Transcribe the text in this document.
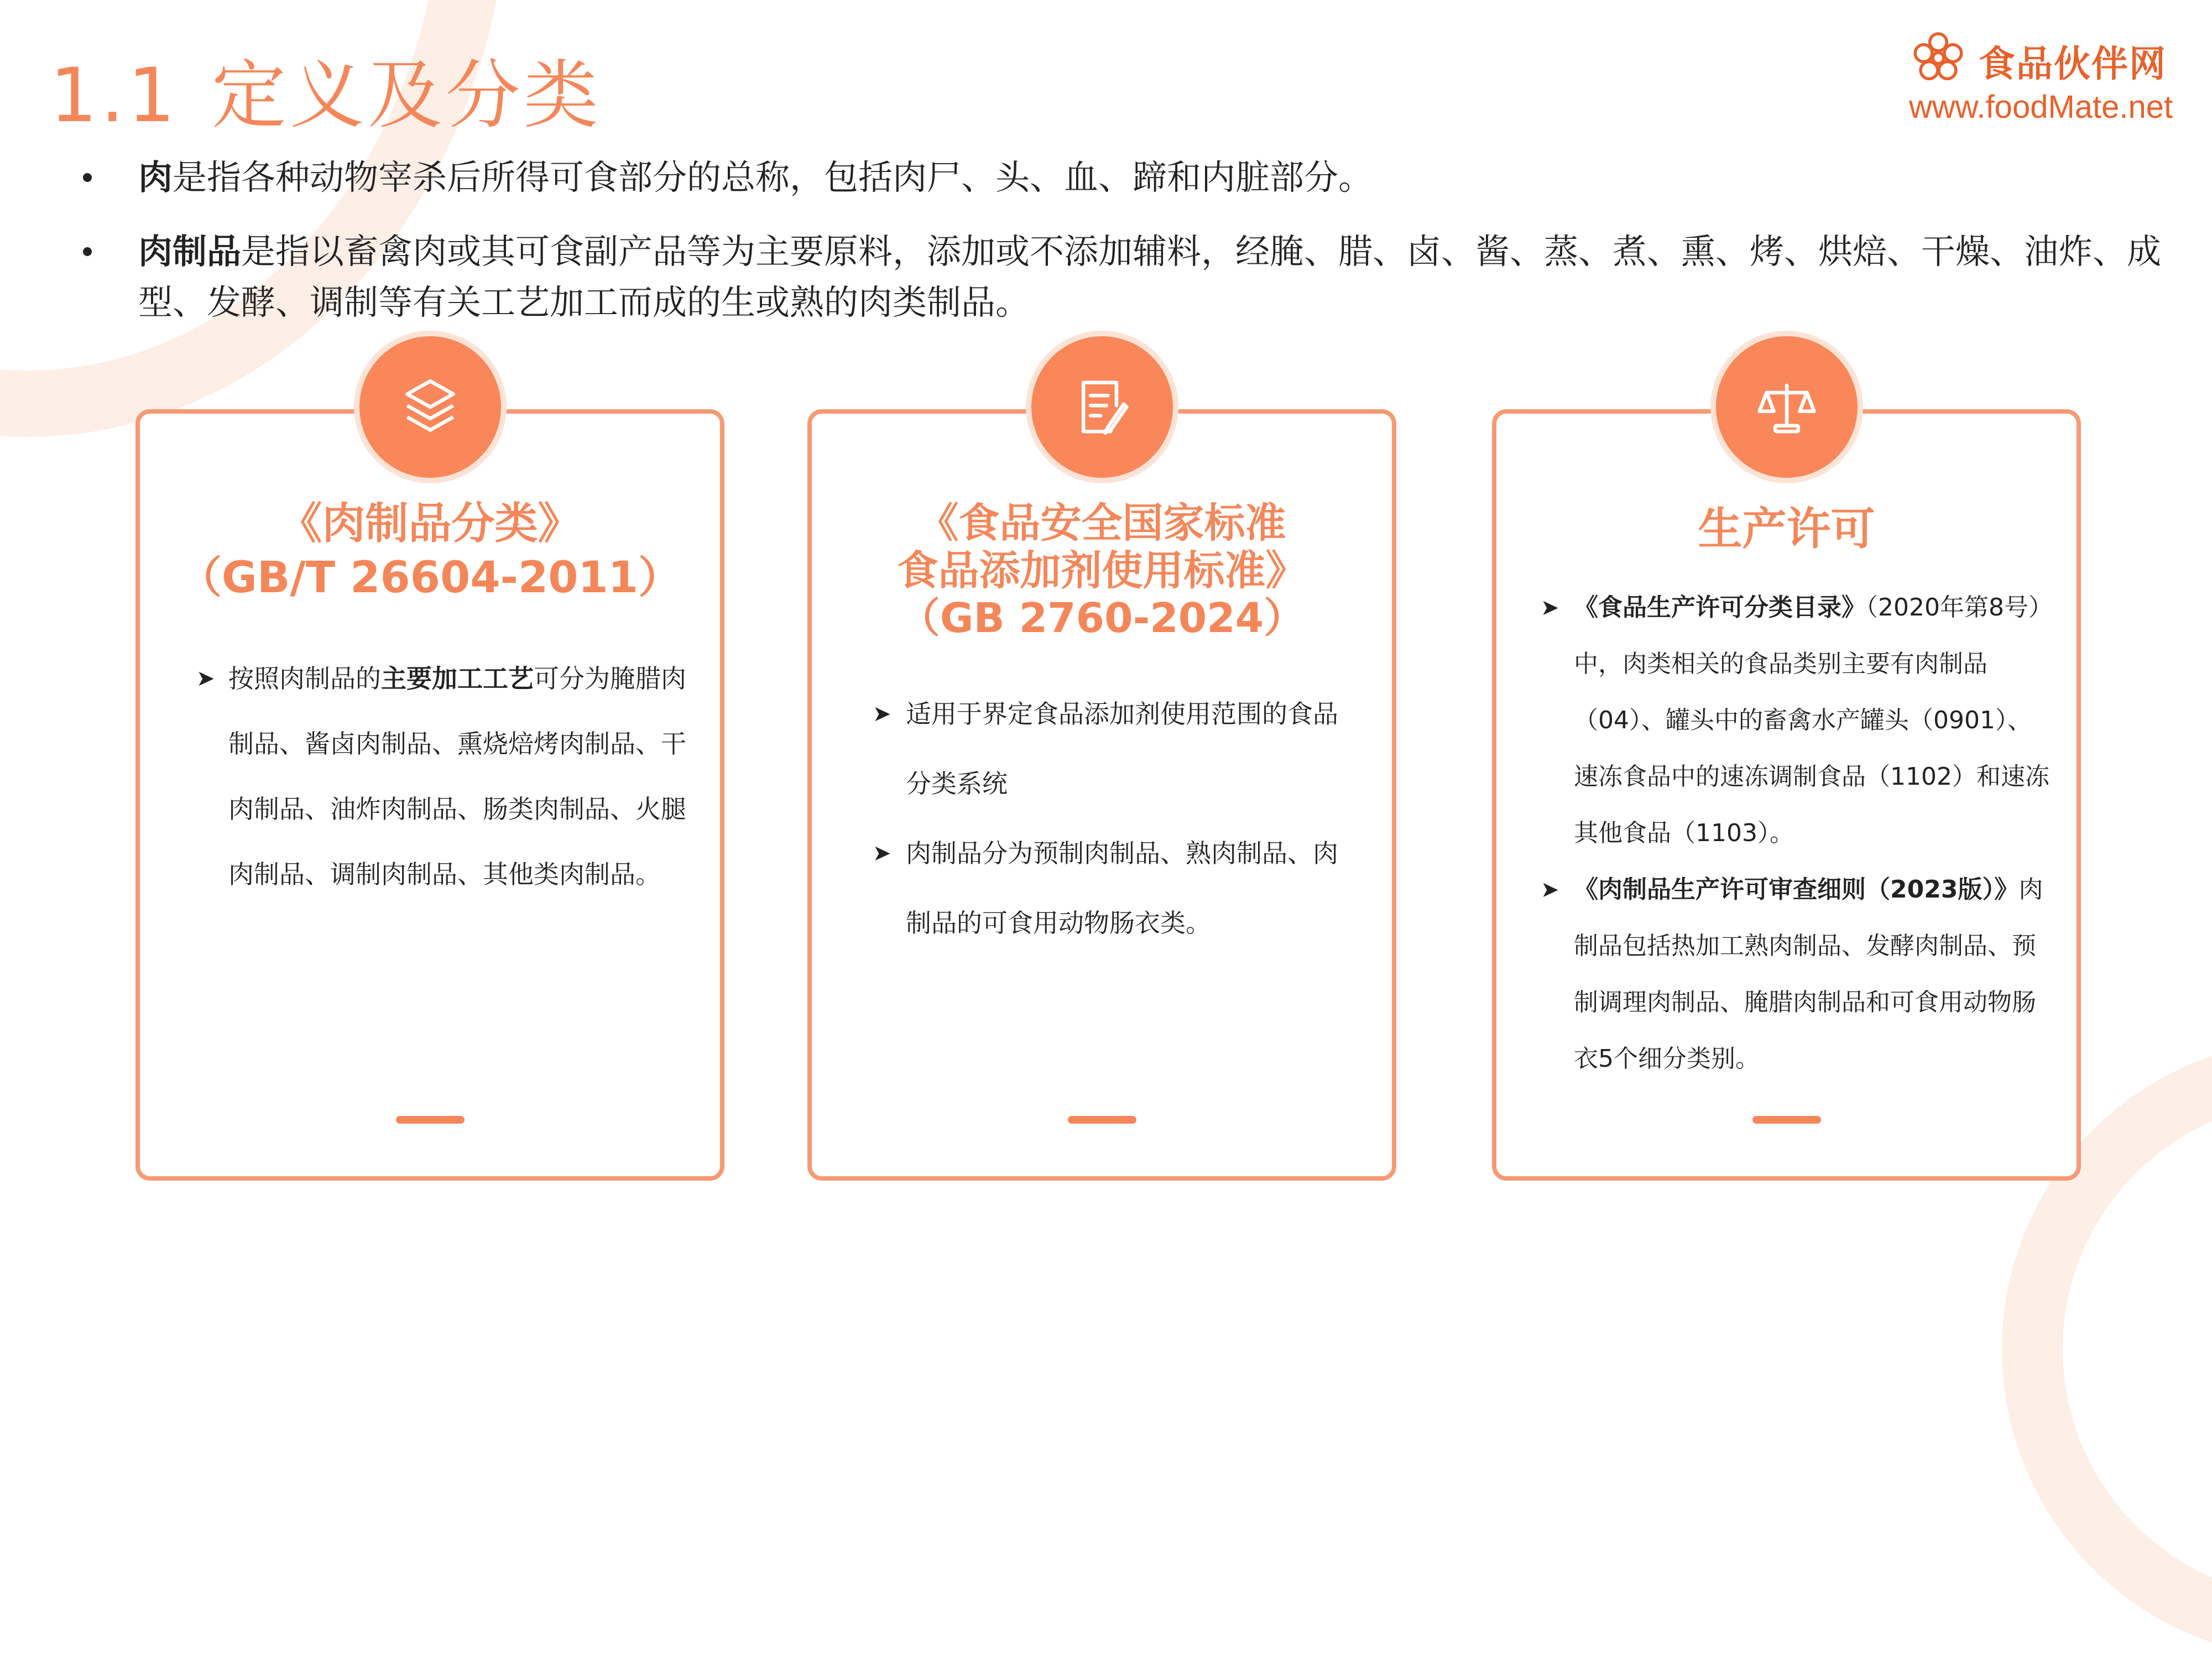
1.1 定义及分类	食品伙伴网
www.foodMate.net
肉是指各种动物宰杀后所得可食部分的总称，包括肉尸、头、血、蹄和内脏部分。
肉制品是指以畜禽肉或其可食副产品等为主要原料，添加或不添加辅料，经腌、腊、卤、酱、蒸、煮、熏、烤、烘焙、干燥、油炸、成型、发酵、调制等有关工艺加工而成的生或熟的肉类制品。
《肉制品分类》
（GB/T 26604-2011）
➤ 按照肉制品的主要加工工艺可分为腌腊肉制品、酱卤肉制品、熏烧焙烤肉制品、干肉制品、油炸肉制品、肠类肉制品、火腿肉制品、调制肉制品、其他类肉制品。
《食品安全国家标准
食品添加剂使用标准》
（GB 2760-2024）
➤ 适用于界定食品添加剂使用范围的食品分类系统
➤ 肉制品分为预制肉制品、熟肉制品、肉制品的可食用动物肠衣类。
生产许可
➤ 《食品生产许可分类目录》（2020年第8号）中，肉类相关的食品类别主要有肉制品（04）、罐头中的畜禽水产罐头（0901）、速冻食品中的速冻调制食品（1102）和速冻其他食品（1103）。
➤ 《肉制品生产许可审查细则（2023版）》肉制品包括热加工熟肉制品、发酵肉制品、预制调理肉制品、腌腊肉制品和可食用动物肠衣5个细分类别。
